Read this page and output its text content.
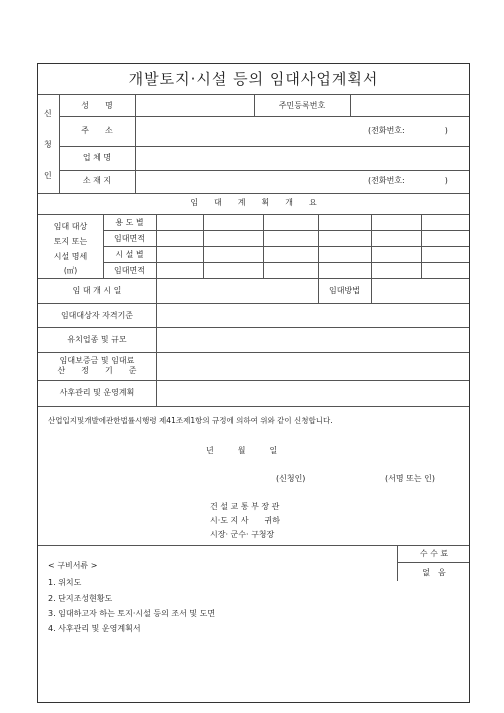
개발토지·시설 등의 임대사업계획서
신
청
인
성　　명	주민등록번호
주　　소	(전화번호:　　　　　)
업 체 명
소 재 지	(전화번호:　　　　　)
임　　대　　계　　획　　개　　요
임대 대상
토지 또는
시설 명세
(㎡)
용 도 별
임대면적
시 설 별
임대면적
임 대 개 시 일	임대방법
임대대상자 자격기준
유치업종 및 규모
임대보증금 및 임대료
산　　정　　기　　준
사후관리 및 운영계획
산업입지및개발에관한법률시행령 제41조제1항의 규정에 의하여 위와 같이 신청합니다.
년　　　월　　　일
(신청인)	(서명 또는 인)
건 설 교 통 부 장 관
시·도 지 사　　귀하
시장· 군수· 구청장
수 수 료
없　음
< 구비서류 >
1. 위치도
2. 단지조성현황도
3. 임대하고자 하는 토지·시설 등의 조서 및 도면
4. 사후관리 및 운영계획서
